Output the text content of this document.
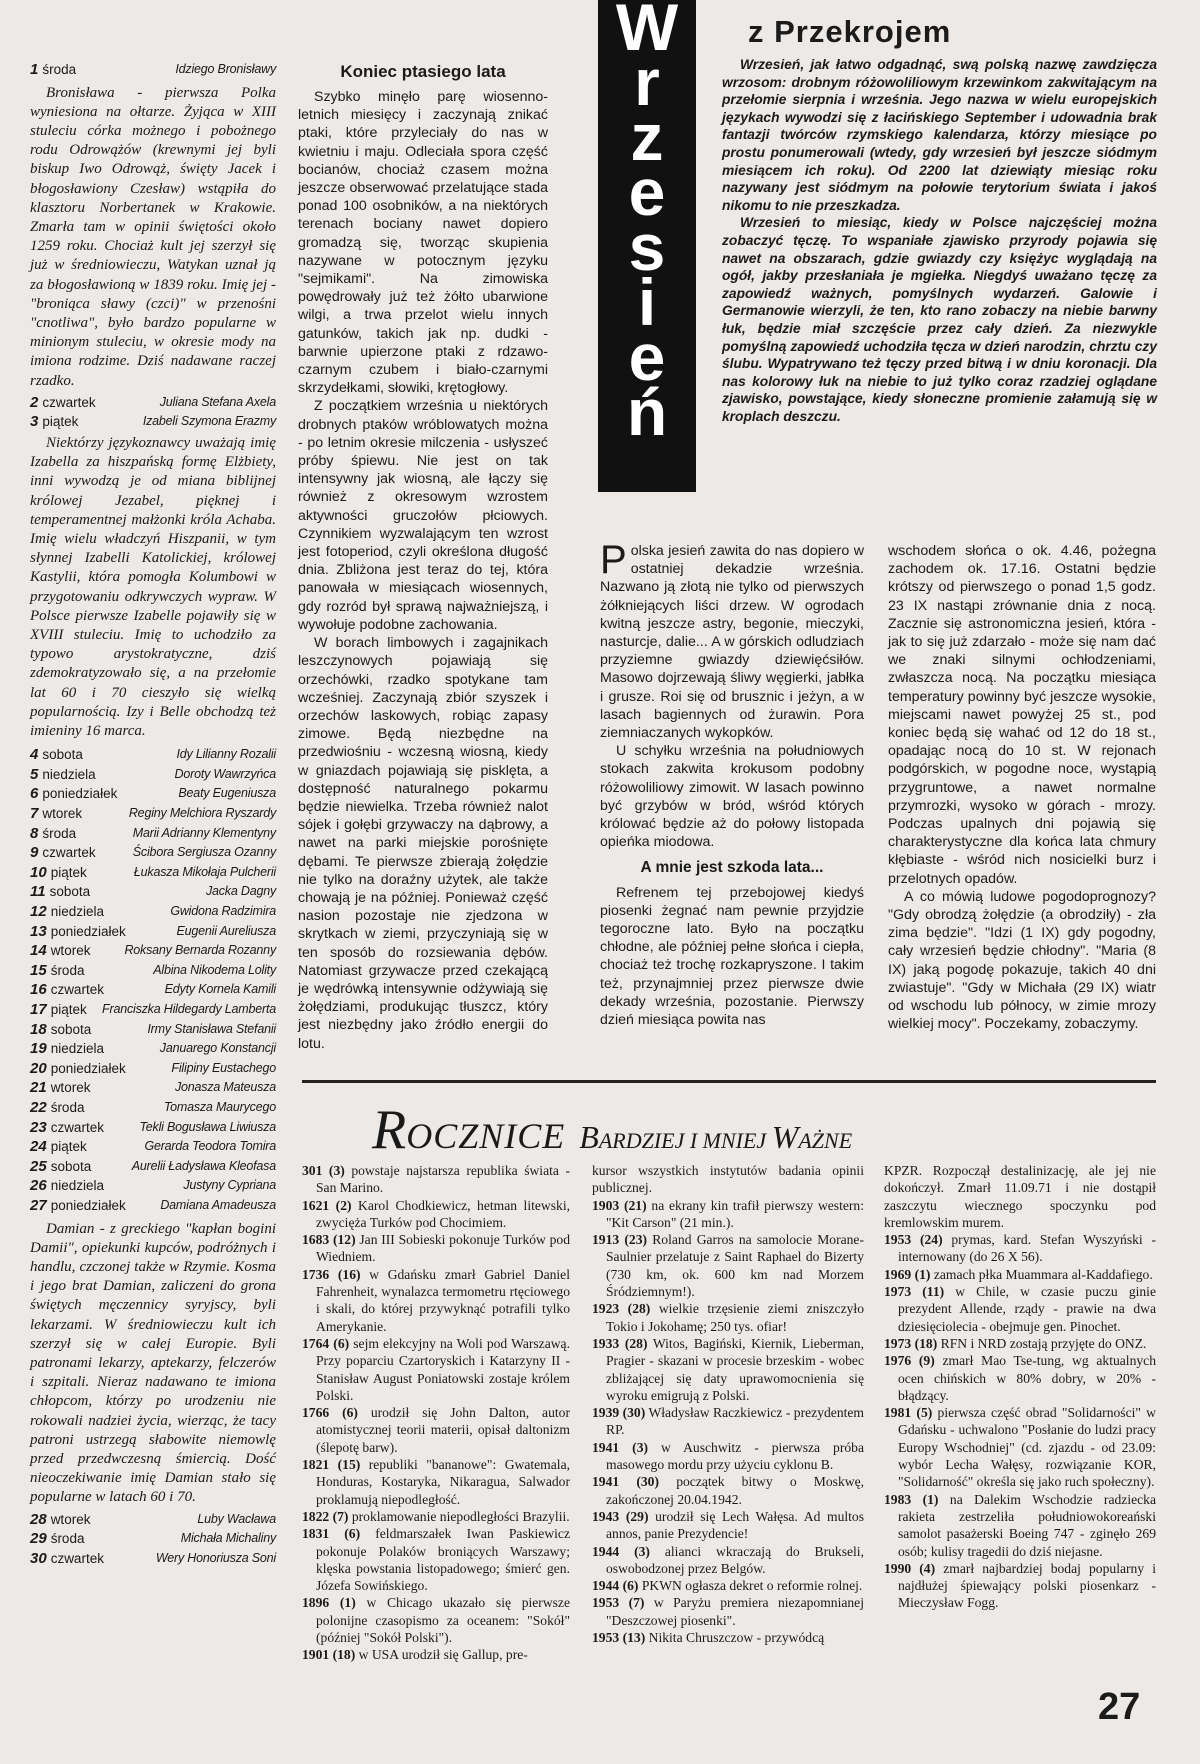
1 środa	Idziego Bronisławy

Bronisława - pierwsza Polka wyniesiona na ołtarze. Żyjąca w XIII stuleciu córka możnego i pobożnego rodu Odrowążów (krewnymi jej byli biskup Iwo Odrowąż, święty Jacek i błogosławiony Czesław) wstąpiła do klasztoru Norbertanek w Krakowie. Zmarła tam w opinii świętości około 1259 roku. Chociaż kult jej szerzył się już w średniowieczu, Watykan uznał ją za błogosławioną w 1839 roku. Imię jej - "broniąca sławy (czci)" w przenośni "cnotliwa", było bardzo popularne w minionym stuleciu, w okresie mody na imiona rodzime. Dziś nadawane raczej rzadko.

2 czwartek	Juliana Stefana Axela
3 piątek	Izabeli Szymona Erazmy

Niektórzy językoznawcy uważają imię Izabella za hiszpańską formę Elżbiety, inni wywodzą je od miana biblijnej królowej Jezabel, pięknej i temperamentnej małżonki króla Achaba. Imię wielu władczyń Hiszpanii, w tym słynnej Izabelli Katolickiej, królowej Kastylii, która pomogła Kolumbowi w przygotowaniu odkrywczych wypraw. W Polsce pierwsze Izabelle pojawiły się w XVIII stuleciu. Imię to uchodziło za typowo arystokratyczne, dziś zdemokratyzowało się, a na przełomie lat 60 i 70 cieszyło się wielką popularnością. Izy i Belle obchodzą też imieniny 16 marca.

4 sobota	Idy Lilianny Rozalii
5 niedziela	Doroty Wawrzyńca
6 poniedziałek	Beaty Eugeniusza
7 wtorek	Reginy Melchiora Ryszardy
8 środa	Marii Adrianny Klementyny
9 czwartek	Ścibora Sergiusza Ozanny
10 piątek	Łukasza Mikołaja Pulcherii
11 sobota	Jacka Dagny
12 niedziela	Gwidona Radzimira
13 poniedziałek	Eugenii Aureliusza
14 wtorek	Roksany Bernarda Rozanny
15 środa	Albina Nikodema Lolity
16 czwartek	Edyty Kornela Kamili
17 piątek Franciszka Hildegardy Lamberta
18 sobota	Irmy Stanisława Stefanii
19 niedziela	Januarego Konstancji
20 poniedziałek	Filipiny Eustachego
21 wtorek	Jonasza Mateusza
22 środa	Tomasza Maurycego
23 czwartek	Tekli Bogusława Liwiusza
24 piątek	Gerarda Teodora Tomira
25 sobota	Aurelii Ładysława Kleofasa
26 niedziela	Justyny Cypriana
27 poniedziałek	Damiana Amadeusza

Damian - z greckiego "kapłan bogini Damii", opiekunki kupców, podróżnych i handlu, czczonej także w Rzymie. Kosma i jego brat Damian, zaliczeni do grona świętych męczennicy syryjscy, byli lekarzami. W średniowieczu kult ich szerzył się w całej Europie. Byli patronami lekarzy, aptekarzy, felczerów i szpitali. Nieraz nadawano te imiona chłopcom, którzy po urodzeniu nie rokowali nadziei życia, wierząc, że tacy patroni ustrzegą słabowite niemowlę przed przedwczesną śmiercią. Dość nieoczekiwanie imię Damian stało się popularne w latach 60 i 70.

28 wtorek	Luby Wacława
29 środa	Michała Michaliny
30 czwartek	Wery Honoriusza Soni
Koniec ptasiego lata

Szybko minęło parę wiosenno-letnich miesięcy i zaczynają znikać ptaki, które przyleciały do nas w kwietniu i maju. Odleciała spora część bocianów, chociaż czasem można jeszcze obserwować przelatujące stada ponad 100 osobników, a na niektórych terenach bociany nawet dopiero gromadzą się, tworząc skupienia nazywane w potocznym języku "sejmikami". Na zimowiska powędrowały już też żółto ubarwione wilgi, a trwa przelot wielu innych gatunków, takich jak np. dudki - barwnie upierzone ptaki z rdzawo-czarnym czubem i biało-czarnymi skrzydełkami, słowiki, krętogłowy.

Z początkiem września u niektórych drobnych ptaków wróblowatych można - po letnim okresie milczenia - usłyszeć próby śpiewu. Nie jest on tak intensywny jak wiosną, ale łączy się również z okresowym wzrostem aktywności gruczołów płciowych. Czynnikiem wyzwalającym ten wzrost jest fotoperiod, czyli określona długość dnia. Zbliżona jest teraz do tej, która panowała w miesiącach wiosennych, gdy rozród był sprawą najważniejszą, i wywołuje podobne zachowania.

W borach limbowych i zagajnikach leszczynowych pojawiają się orzechówki, rzadko spotykane tam wcześniej. Zaczynają zbiór szyszek i orzechów laskowych, robiąc zapasy zimowe. Będą niezbędne na przedwiośniu - wczesną wiosną, kiedy w gniazdach pojawiają się pisklęta, a dostępność naturalnego pokarmu będzie niewielka. Trzeba również nalot sójek i gołębi grzywaczy na dąbrowy, a nawet na parki miejskie porośnięte dębami. Te pierwsze zbierają żołędzie nie tylko na doraźny użytek, ale także chowają je na później. Ponieważ część nasion pozostaje nie zjedzona w skrytkach w ziemi, przyczyniają się w ten sposób do rozsiewania dębów. Natomiast grzywacze przed czekającą je wędrówką intensywnie odżywiają się żołędziami, produkując tłuszcz, który jest niezbędny jako źródło energii do lotu.

W
r
z
e
s
i
e
ń
z Przekrojem

Wrzesień, jak łatwo odgadnąć, swą polską nazwę zawdzięcza wrzosom: drobnym różowoliliowym krzewinkom zakwitającym na przełomie sierpnia i września. Jego nazwa w wielu europejskich językach wywodzi się z łacińskiego September i udowadnia brak fantazji twórców rzymskiego kalendarza, którzy miesiące po prostu ponumerowali (wtedy, gdy wrzesień był jeszcze siódmym miesiącem ich roku). Od 2200 lat dziewiąty miesiąc roku nazywany jest siódmym na połowie terytorium świata i jakoś nikomu to nie przeszkadza.

Wrzesień to miesiąc, kiedy w Polsce najczęściej można zobaczyć tęczę. To wspaniałe zjawisko przyrody pojawia się nawet na obszarach, gdzie gwiazdy czy księżyc wyglądają na ogół, jakby przesłaniała je mgiełka. Niegdyś uważano tęczę za zapowiedź ważnych, pomyślnych wydarzeń. Galowie i Germanowie wierzyli, że ten, kto rano zobaczy na niebie barwny łuk, będzie miał szczęście przez cały dzień. Za niezwykle pomyślną zapowiedź uchodziła tęcza w dzień narodzin, chrztu czy ślubu. Wypatrywano też tęczy przed bitwą i w dniu koronacji. Dla nas kolorowy łuk na niebie to już tylko coraz rzadziej oglądane zjawisko, powstające, kiedy słoneczne promienie załamują się w kroplach deszczu.

P olska jesień zawita do nas dopiero w ostatniej dekadzie września. Nazwano ją złotą nie tylko od pierwszych żółkniejących liści drzew. W ogrodach kwitną jeszcze astry, begonie, mieczyki, nasturcje, dalie... A w górskich odludziach przyziemne gwiazdy dziewięćsiłów. Masowo dojrzewają śliwy węgierki, jabłka i grusze. Roi się od brusznic i jeżyn, a w lasach bagiennych od żurawin. Pora ziemniaczanych wykopków.

U schyłku września na południowych stokach zakwita krokusom podobny różowoliliowy zimowit. W lasach powinno być grzybów w bród, wśród których królować będzie aż do połowy listopada opieńka miodowa.

A mnie jest szkoda lata...

Refrenem tej przebojowej kiedyś piosenki żegnać nam pewnie przyjdzie tegoroczne lato. Było na początku chłodne, ale później pełne słońca i ciepła, chociaż też trochę rozkapryszone. I takim też, przynajmniej przez pierwsze dwie dekady września, pozostanie. Pierwszy dzień miesiąca powita nas

wschodem słońca o ok. 4.46, pożegna zachodem ok. 17.16. Ostatni będzie krótszy od pierwszego o ponad 1,5 godz. 23 IX nastąpi zrównanie dnia z nocą. Zacznie się astronomiczna jesień, która - jak to się już zdarzało - może się nam dać we znaki silnymi ochłodzeniami, zwłaszcza nocą. Na początku miesiąca temperatury powinny być jeszcze wysokie, miejscami nawet powyżej 25 st., pod koniec będą się wahać od 12 do 18 st., opadając nocą do 10 st. W rejonach podgórskich, w pogodne noce, wystąpią przygruntowe, a nawet normalne przymrozki, wysoko w górach - mrozy. Podczas upalnych dni pojawią się charakterystyczne dla końca lata chmury kłębiaste - wśród nich nosicielki burz i przelotnych opadów.

A co mówią ludowe pogodoprognozy? "Gdy obrodzą żołędzie (a obrodziły) - zła zima będzie". "Idzi (1 IX) gdy pogodny, cały wrzesień będzie chłodny". "Maria (8 IX) jaką pogodę pokazuje, takich 40 dni zwiastuje". "Gdy w Michała (29 IX) wiatr od wschodu lub północy, w zimie mrozy wielkiej mocy". Poczekamy, zobaczymy.

ROCZNICE BARDZIEJ I MNIEJ WAŻNE

301 (3) powstaje najstarsza republika świata - San Marino.

1621 (2) Karol Chodkiewicz, hetman litewski, zwycięża Turków pod Chocimiem.

1683 (12) Jan III Sobieski pokonuje Turków pod Wiedniem.

1736 (16) w Gdańsku zmarł Gabriel Daniel Fahrenheit, wynalazca termometru rtęciowego i skali, do której przywyknąć potrafili tylko Amerykanie.

1764 (6) sejm elekcyjny na Woli pod Warszawą. Przy poparciu Czartoryskich i Katarzyny II - Stanisław August Poniatowski zostaje królem Polski.

1766 (6) urodził się John Dalton, autor atomistycznej teorii materii, opisał daltonizm (ślepotę barw).

1821 (15) republiki "bananowe": Gwatemala, Honduras, Kostaryka, Nikaragua, Salwador proklamują niepodległość.

1822 (7) proklamowanie niepodległości Brazylii.

1831 (6) feldmarszałek Iwan Paskiewicz pokonuje Polaków broniących Warszawy; klęska powstania listopadowego; śmierć gen. Józefa Sowińskiego.

1896 (1) w Chicago ukazało się pierwsze polonijne czasopismo za oceanem: "Sokół" (później "Sokół Polski").

1901 (18) w USA urodził się Gallup, pre-

kursor wszystkich instytutów badania opinii publicznej.

1903 (21) na ekrany kin trafił pierwszy western: "Kit Carson" (21 min.).

1913 (23) Roland Garros na samolocie Morane-Saulnier przelatuje z Saint Raphael do Bizerty (730 km, ok. 600 km nad Morzem Śródziemnym!).

1923 (28) wielkie trzęsienie ziemi zniszczyło Tokio i Jokohamę; 250 tys. ofiar!

1933 (28) Witos, Bagiński, Kiernik, Lieberman, Pragier - skazani w procesie brzeskim - wobec zbliżającej się daty uprawomocnienia się wyroku emigrują z Polski.

1939 (30) Władysław Raczkiewicz - prezydentem RP.

1941 (3) w Auschwitz - pierwsza próba masowego mordu przy użyciu cyklonu B.

1941 (30) początek bitwy o Moskwę, zakończonej 20.04.1942.

1943 (29) urodził się Lech Wałęsa. Ad multos annos, panie Prezydencie!

1944 (3) alianci wkraczają do Brukseli, oswobodzonej przez Belgów.

1944 (6) PKWN ogłasza dekret o reformie rolnej.

1953 (7) w Paryżu premiera niezapomnianej "Deszczowej piosenki".

1953 (13) Nikita Chruszczow - przywódcą

KPZR. Rozpoczął destalinizację, ale jej nie dokończył. Zmarł 11.09.71 i nie dostąpił zaszczytu wiecznego spoczynku pod kremlowskim murem.

1953 (24) prymas, kard. Stefan Wyszyński - internowany (do 26 X 56).

1969 (1) zamach płka Muammara al-Kaddafiego.

1973 (11) w Chile, w czasie puczu ginie prezydent Allende, rządy - prawie na dwa dziesięciolecia - obejmuje gen. Pinochet.

1973 (18) RFN i NRD zostają przyjęte do ONZ.

1976 (9) zmarł Mao Tse-tung, wg aktualnych ocen chińskich w 80% dobry, w 20% - błądzący.

1981 (5) pierwsza część obrad "Solidarności" w Gdańsku - uchwalono "Posłanie do ludzi pracy Europy Wschodniej" (cd. zjazdu - od 23.09: wybór Lecha Wałęsy, rozwiązanie KOR, "Solidarność" określa się jako ruch społeczny).

1983 (1) na Dalekim Wschodzie radziecka rakieta zestrzeliła południowokoreański samolot pasażerski Boeing 747 - zginęło 269 osób; kulisy tragedii do dziś niejasne.

1990 (4) zmarł najbardziej bodaj popularny i najdłużej śpiewający polski piosenkarz - Mieczysław Fogg.

27
